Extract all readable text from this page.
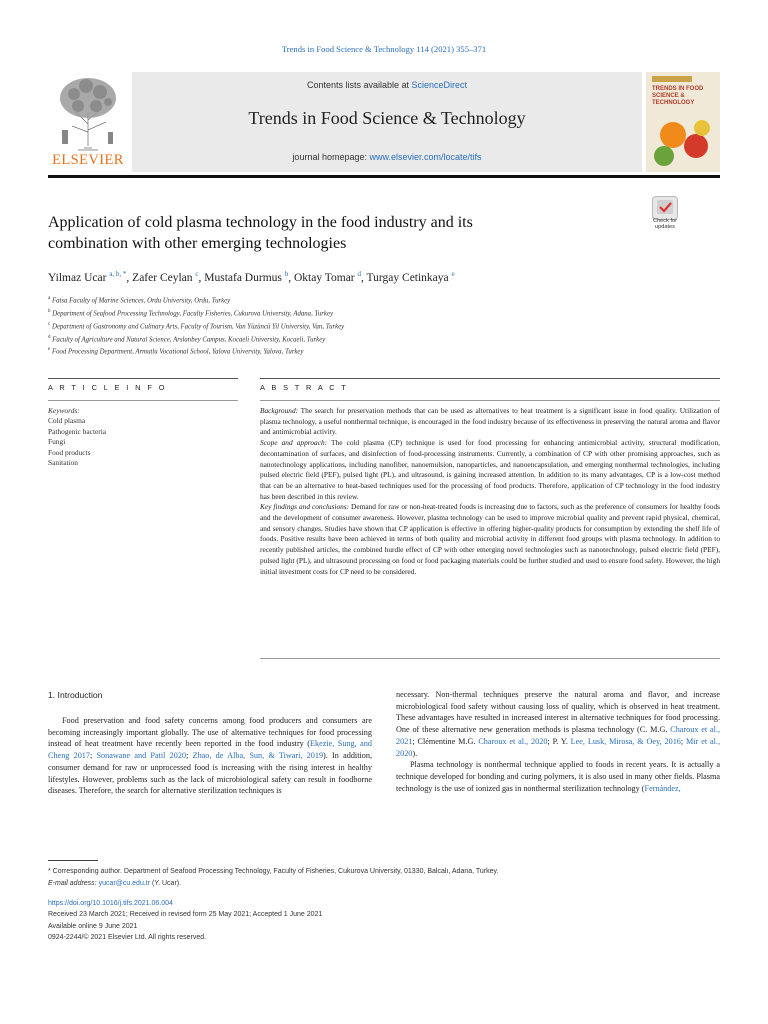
Trends in Food Science & Technology 114 (2021) 355–371
ELSEVIER
Contents lists available at ScienceDirect
Trends in Food Science & Technology
journal homepage: www.elsevier.com/locate/tifs
TRENDS IN FOOD SCIENCE & TECHNOLOGY
Application of cold plasma technology in the food industry and its
combination with other emerging technologies
Check for
updates
Yilmaz Ucar $^{a, b, *}$, Zafer Ceylan $^c$, Mustafa Durmus $^b$, Oktay Tomar $^d$, Turgay Cetinkaya $^e$
$^a$ Fatsa Faculty of Marine Sciences, Ordu University, Ordu, Turkey
$^b$ Department of Seafood Processing Technology, Faculty Fisheries, Cukurova University, Adana, Turkey
$^c$ Department of Gastronomy and Culinary Arts, Faculty of Tourism, Van Yüzüncü Yil University, Van, Turkey
$^d$ Faculty of Agriculture and Natural Science, Arslanbey Campus, Kocaeli University, Kocaeli, Turkey
$^e$ Food Processing Department, Armutlu Vocational School, Yalova University, Yalova, Turkey
A R T I C L E I N F O	A B S T R A C T
Keywords:
Cold plasma
Pathogenic bacteria
Fungi
Food products
Sanitation

Background: The search for preservation methods that can be used as alternatives to heat treatment is a significant issue in food quality. Utilization of plasma technology, a useful nonthermal technique, is encouraged in the food industry because of its effectiveness in preserving the natural aroma and flavor and antimicrobial activity.

Scope and approach: The cold plasma (CP) technique is used for food processing for enhancing antimicrobial activity, structural modification, decontamination of surfaces, and disinfection of food-processing instruments. Currently, a combination of CP with other promising approaches, such as nanotechnology applications, including nanofiber, nanoemulsion, nanoparticles, and nanoencapsulation, and emerging nonthermal technologies, including pulsed electric field (PEF), pulsed light (PL), and ultrasound, is gaining increased attention. In addition to its many advantages, CP is a low-cost method that can be an alternative to heat-based techniques used for the processing of food products. Therefore, application of CP technology in the food industry has been described in this review.

Key findings and conclusions: Demand for raw or non-heat-treated foods is increasing due to factors, such as the preference of consumers for healthy foods and the development of consumer awareness. However, plasma technology can be used to improve microbial quality and prevent rapid physical, chemical, and sensory changes. Studies have shown that CP application is effective in offering higher-quality products for consumption by extending the shelf life of foods. Positive results have been achieved in terms of both quality and microbial activity in different food groups with plasma technology. In addition to recently published articles, the combined hurdle effect of CP with other emerging novel technologies such as nanotechnology, pulsed electric field (PEF), pulsed light (PL), and ultrasound processing on food or food packaging materials could be further studied and used to ensure food safety. However, the high initial investment costs for CP need to be considered.

1. Introduction

Food preservation and food safety concerns among food producers and consumers are becoming increasingly important globally. The use of alternative techniques for food processing instead of heat treatment have recently been reported in the food industry (Ekezie, Sung, and Cheng 2017; Sonawane and Patil 2020; Zhao, de Alba, Sun, & Tiwari, 2019). In addition, consumer demand for raw or unprocessed food is increasing with the rising interest in healthy lifestyles. However, problems such as the lack of microbiological safety can result in foodborne diseases. Therefore, the search for alternative sterilization techniques is

necessary. Non-thermal techniques preserve the natural aroma and flavor, and increase microbiological food safety without causing loss of quality, which is observed in heat treatment. These advantages have resulted in increased interest in alternative techniques for food processing. One of these alternative new generation methods is plasma technology (C. M.G. Charoux et al., 2021; Clémentine M.G. Charoux et al., 2020; P. Y. Lee, Lusk, Mirosa, & Oey, 2016; Mir et al., 2020).

Plasma technology is nonthermal technique applied to foods in recent years. It is actually a technique developed for bonding and curing polymers, it is also used in many other fields. Plasma technology is the use of ionized gas in nonthermal sterilization technology (Fernández,

* Corresponding author. Department of Seafood Processing Technology, Faculty of Fisheries, Cukurova University, 01330, Balcalı, Adana, Turkey.
E-mail address: yucar@cu.edu.tr (Y. Ucar).
https://doi.org/10.1016/j.tifs.2021.06.004
Received 23 March 2021; Received in revised form 25 May 2021; Accepted 1 June 2021
Available online 9 June 2021
0924-2244/© 2021 Elsevier Ltd. All rights reserved.
